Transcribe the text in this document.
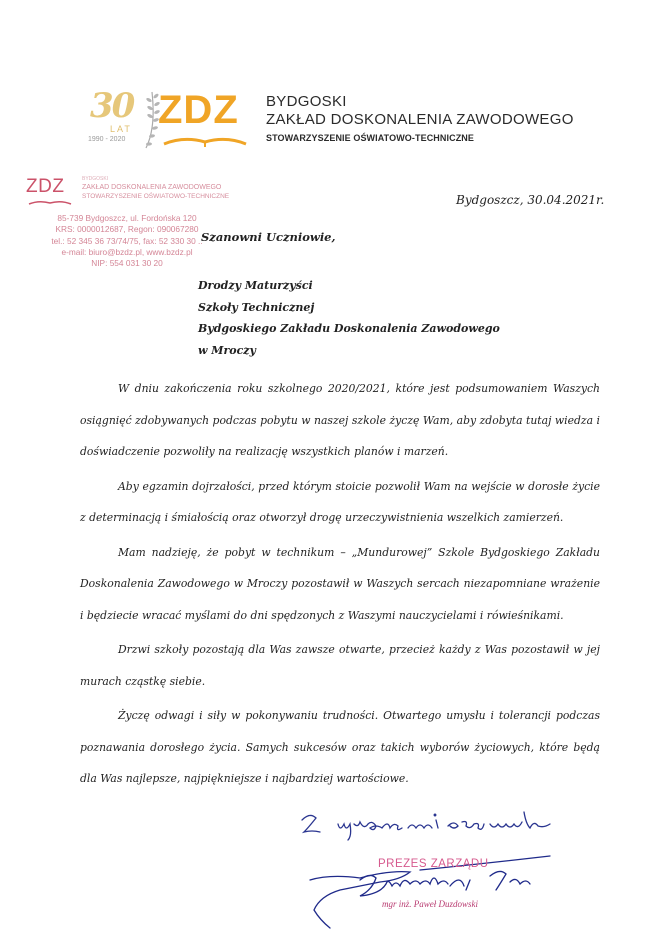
30
LAT
1990 - 2020
ZDZ BYDGOSKI
ZAKŁAD DOSKONALENIA ZAWODOWEGO
STOWARZYSZENIE OŚWIATOWO-TECHNICZNE
ZDZ	BYDGOSKI
ZAKŁAD DOSKONALENIA ZAWODOWEGO
STOWARZYSZENIE OŚWIATOWO-TECHNICZNE
85-739 Bydgoszcz, ul. Fordońska 120
KRS: 0000012687, Regon: 090067280
tel.: 52 345 36 73/74/75, fax: 52 330 30 ..
e-mail: biuro@bzdz.pl, www.bzdz.pl
NIP: 554 031 30 20
Bydgoszcz, 30.04.2021r.
Szanowni Uczniowie,
Drodzy Maturzyści
Szkoły Technicznej
Bydgoskiego Zakładu Doskonalenia Zawodowego
w Mroczy

W dniu zakończenia roku szkolnego 2020/2021, które jest podsumowaniem Waszych osiągnięć zdobywanych podczas pobytu w naszej szkole życzę Wam, aby zdobyta tutaj wiedza i doświadczenie pozwoliły na realizację wszystkich planów i marzeń.

Aby egzamin dojrzałości, przed którym stoicie pozwolił Wam na wejście w dorosłe życie z determinacją i śmiałością oraz otworzył drogę urzeczywistnienia wszelkich zamierzeń.

Mam nadzieję, że pobyt w technikum – „Mundurowej” Szkole Bydgoskiego Zakładu Doskonalenia Zawodowego w Mroczy pozostawił w Waszych sercach niezapomniane wrażenie i będziecie wracać myślami do dni spędzonych z Waszymi nauczycielami i rówieśnikami.

Drzwi szkoły pozostają dla Was zawsze otwarte, przecież każdy z Was pozostawił w jej murach cząstkę siebie.

Życzę odwagi i siły w pokonywaniu trudności. Otwartego umysłu i tolerancji podczas poznawania dorosłego życia. Samych sukcesów oraz takich wyborów życiowych, które będą dla Was najlepsze, najpiękniejsze i najbardziej wartościowe.

PREZES ZARZĄDU
mgr inż. Paweł Duzdowski
